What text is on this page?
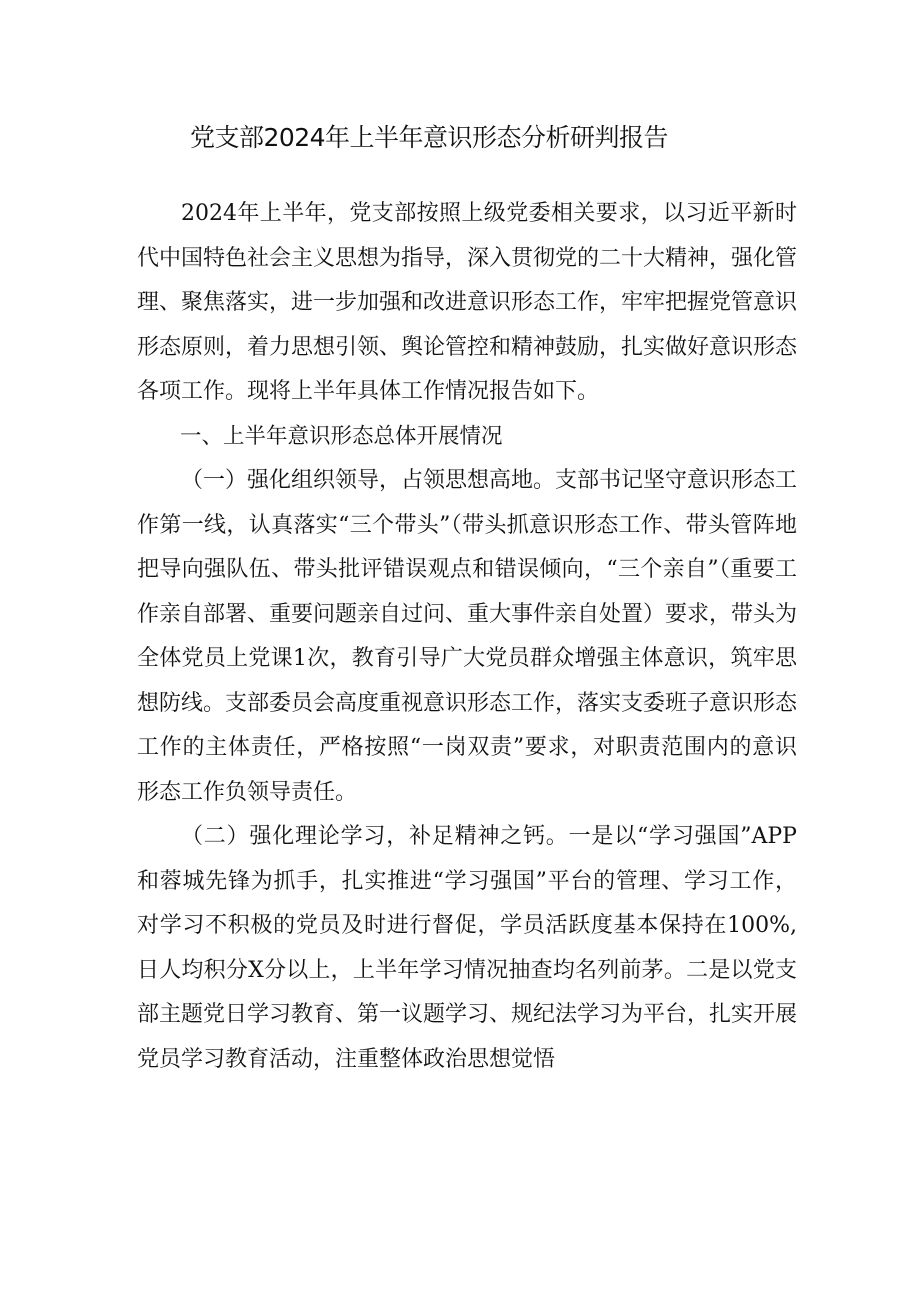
党支部2024年上半年意识形态分析研判报告

2024年上半年，党支部按照上级党委相关要求，以习近平新时代中国特色社会主义思想为指导，深入贯彻党的二十大精神，强化管理、聚焦落实，进一步加强和改进意识形态工作，牢牢把握党管意识形态原则，着力思想引领、舆论管控和精神鼓励，扎实做好意识形态各项工作。现将上半年具体工作情况报告如下。

一、上半年意识形态总体开展情况

（一）强化组织领导，占领思想高地。支部书记坚守意识形态工作第一线，认真落实“三个带头”（带头抓意识形态工作、带头管阵地把导向强队伍、带头批评错误观点和错误倾向，“三个亲自”（重要工作亲自部署、重要问题亲自过问、重大事件亲自处置）要求，带头为全体党员上党课1次，教育引导广大党员群众增强主体意识，筑牢思想防线。支部委员会高度重视意识形态工作，落实支委班子意识形态工作的主体责任，严格按照“一岗双责”要求，对职责范围内的意识形态工作负领导责任。

（二）强化理论学习，补足精神之钙。一是以“学习强国”APP和蓉城先锋为抓手，扎实推进“学习强国”平台的管理、学习工作，对学习不积极的党员及时进行督促，学员活跃度基本保持在100%,日人均积分X分以上，上半年学习情况抽查均名列前茅。二是以党支部主题党日学习教育、第一议题学习、规纪法学习为平台，扎实开展党员学习教育活动，注重整体政治思想觉悟
